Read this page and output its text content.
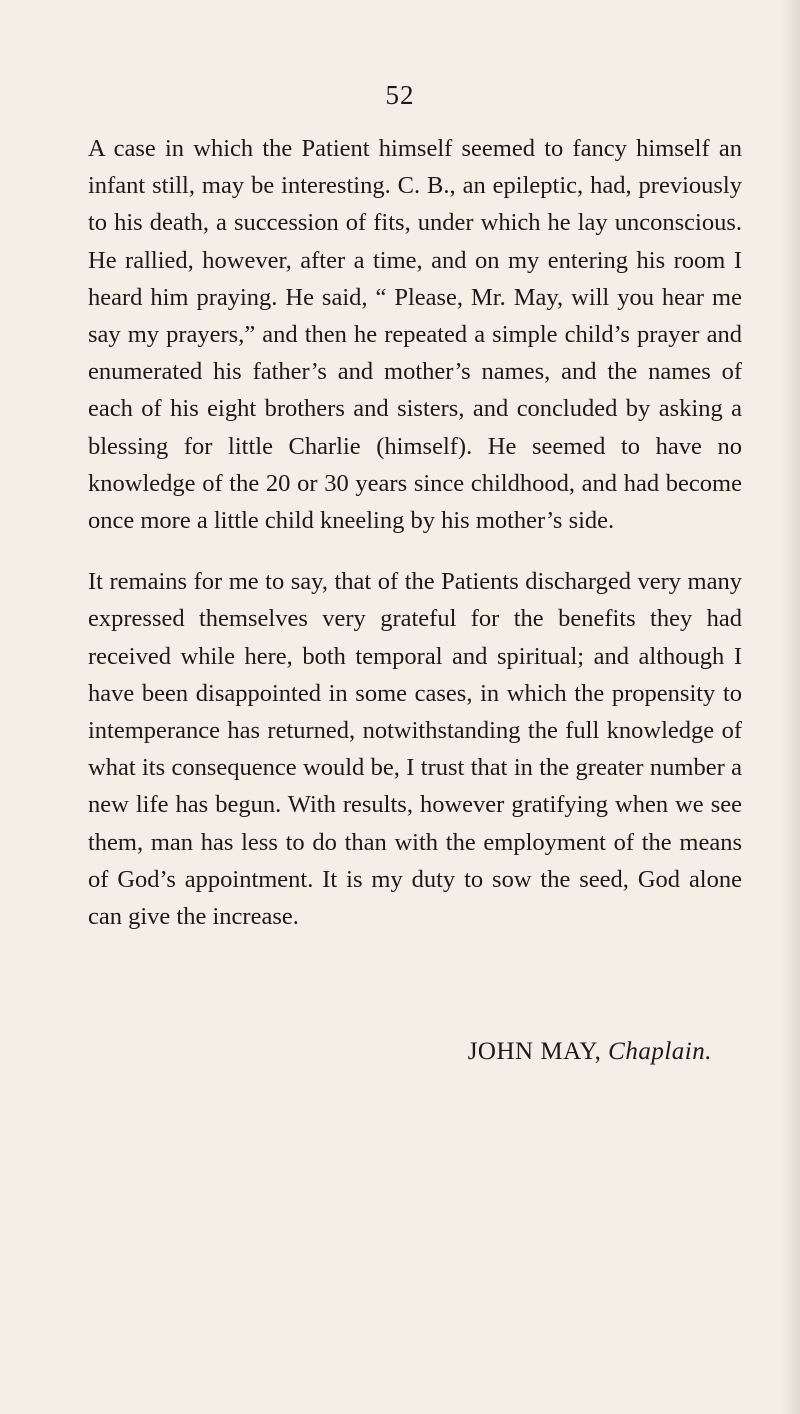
52

A case in which the Patient himself seemed to fancy himself an infant still, may be interesting. C. B., an epileptic, had, previously to his death, a succession of fits, under which he lay unconscious. He rallied, however, after a time, and on my entering his room I heard him praying. He said, “ Please, Mr. May, will you hear me say my prayers,” and then he repeated a simple child’s prayer and enumerated his father’s and mother’s names, and the names of each of his eight brothers and sisters, and concluded by asking a blessing for little Charlie (himself). He seemed to have no knowledge of the 20 or 30 years since childhood, and had become once more a little child kneeling by his mother’s side.

It remains for me to say, that of the Patients discharged very many expressed themselves very grateful for the benefits they had received while here, both temporal and spiritual; and although I have been disappointed in some cases, in which the propensity to intemperance has returned, notwithstanding the full knowledge of what its consequence would be, I trust that in the greater number a new life has begun. With results, however gratifying when we see them, man has less to do than with the employment of the means of God’s appointment. It is my duty to sow the seed, God alone can give the increase.

JOHN MAY, Chaplain.
